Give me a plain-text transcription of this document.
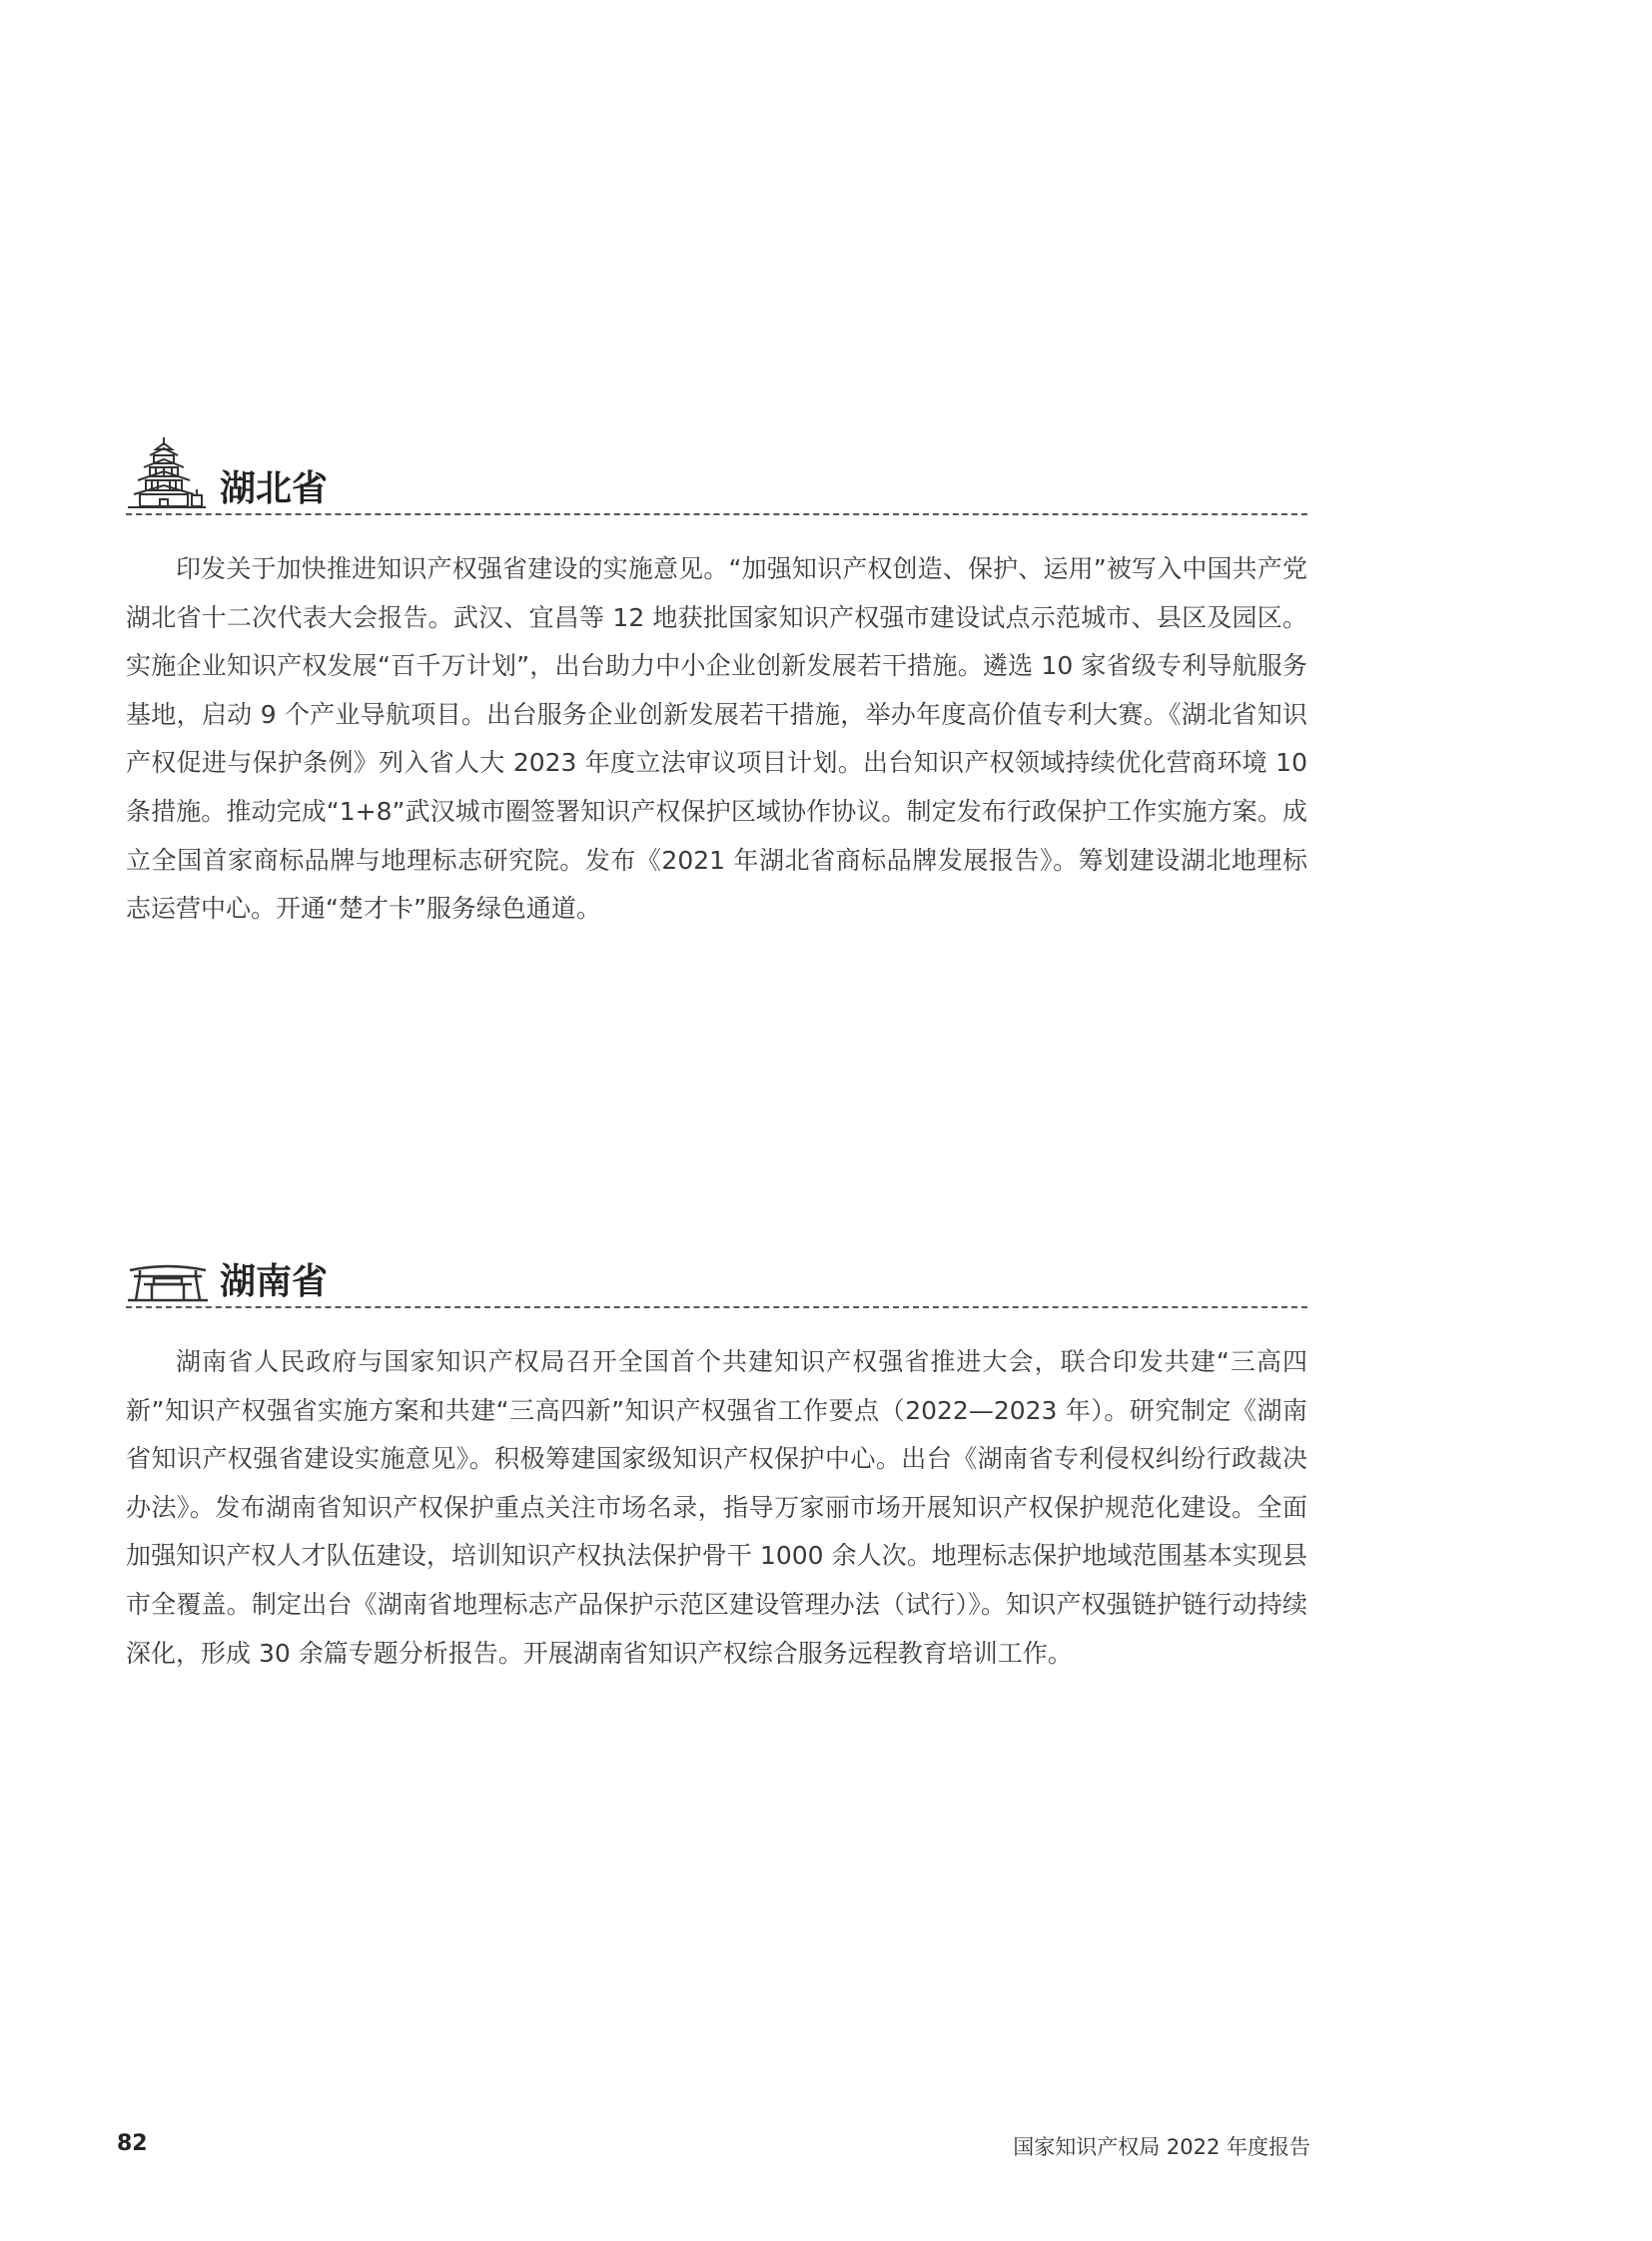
湖北省

印发关于加快推进知识产权强省建设的实施意见。“加强知识产权创造、保护、运用”被写入中国共产党湖北省十二次代表大会报告。武汉、宜昌等 12 地获批国家知识产权强市建设试点示范城市、县区及园区。实施企业知识产权发展“百千万计划”，出台助力中小企业创新发展若干措施。遴选 10 家省级专利导航服务基地，启动 9 个产业导航项目。出台服务企业创新发展若干措施，举办年度高价值专利大赛。《湖北省知识产权促进与保护条例》列入省人大 2023 年度立法审议项目计划。出台知识产权领域持续优化营商环境 10 条措施。推动完成“1+8”武汉城市圈签署知识产权保护区域协作协议。制定发布行政保护工作实施方案。成立全国首家商标品牌与地理标志研究院。发布《2021 年湖北省商标品牌发展报告》。筹划建设湖北地理标志运营中心。开通“楚才卡”服务绿色通道。

湖南省

湖南省人民政府与国家知识产权局召开全国首个共建知识产权强省推进大会，联合印发共建“三高四新”知识产权强省实施方案和共建“三高四新”知识产权强省工作要点（2022—2023 年）。研究制定《湖南省知识产权强省建设实施意见》。积极筹建国家级知识产权保护中心。出台《湖南省专利侵权纠纷行政裁决办法》。发布湖南省知识产权保护重点关注市场名录，指导万家丽市场开展知识产权保护规范化建设。全面加强知识产权人才队伍建设，培训知识产权执法保护骨干 1000 余人次。地理标志保护地域范围基本实现县市全覆盖。制定出台《湖南省地理标志产品保护示范区建设管理办法（试行）》。知识产权强链护链行动持续深化，形成 30 余篇专题分析报告。开展湖南省知识产权综合服务远程教育培训工作。

82	国家知识产权局 2022 年度报告
